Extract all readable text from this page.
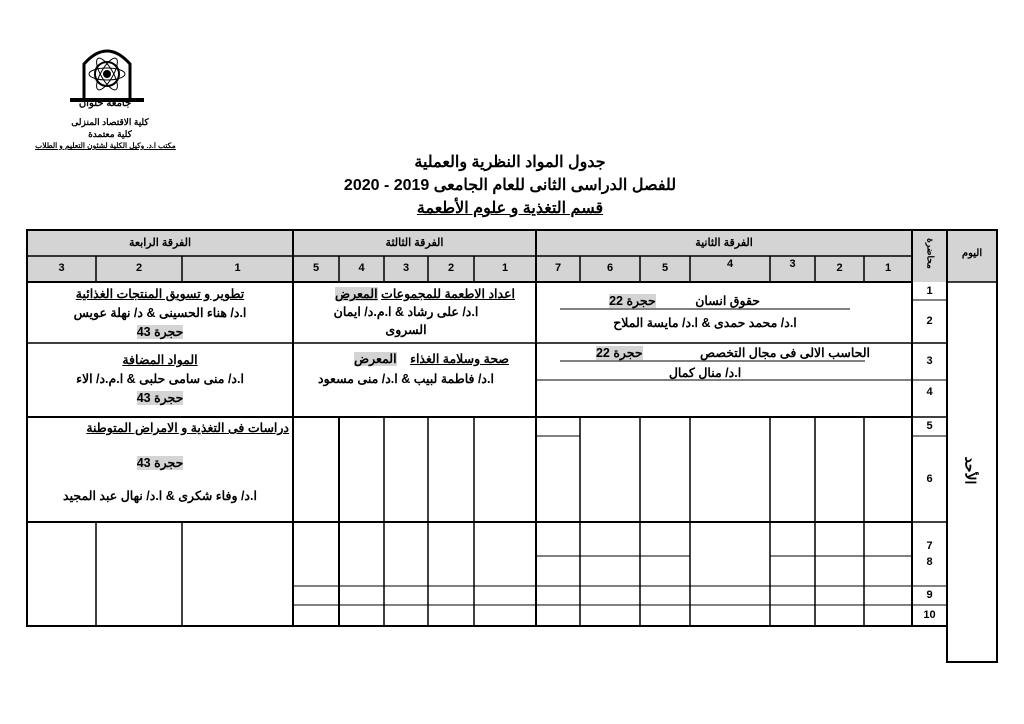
جامعة حلوان
كلية الاقتصاد المنزلى
كلية معتمدة
مكتب ا.د. وكيل الكلية لشئون التعليم و الطلاب
جدول المواد النظرية والعملية
للفصل الدراسى الثانى للعام الجامعى 2019 - 2020
قسم التغذية و علوم الأطعمة
اليوم
محاضرة
الفرقة الثانية
الفرقة الثالثة
الفرقة الرابعة
1
2
3
4
5
6
7
1
2
3
4
5
1
2
3
1
2
3
4
5
6
7
8
9
10
الأحد
حقوق انسان حجرة 22
ا.د/ محمد حمدى & ا.د/ مايسة الملاح
الحاسب الالى فى مجال التخصص حجرة 22
ا.د/ منال كمال
اعداد الاطعمة للمجموعات المعرض
ا.د/ على رشاد & ا.م.د/ ايمان
السروى
صحة وسلامة الغذاء المعرض
ا.د/ فاطمة لبيب & ا.د/ منى مسعود
تطوير و تسويق المنتجات الغذائية
ا.د/ هناء الحسينى & د/ نهلة عويس
حجرة 43
المواد المضافة
ا.د/ منى سامى حلبى & ا.م.د/ الاء
حجرة 43
دراسات فى التغذية و الامراض المتوطنة
حجرة 43
ا.د/ وفاء شكرى & ا.د/ نهال عبد المجيد
